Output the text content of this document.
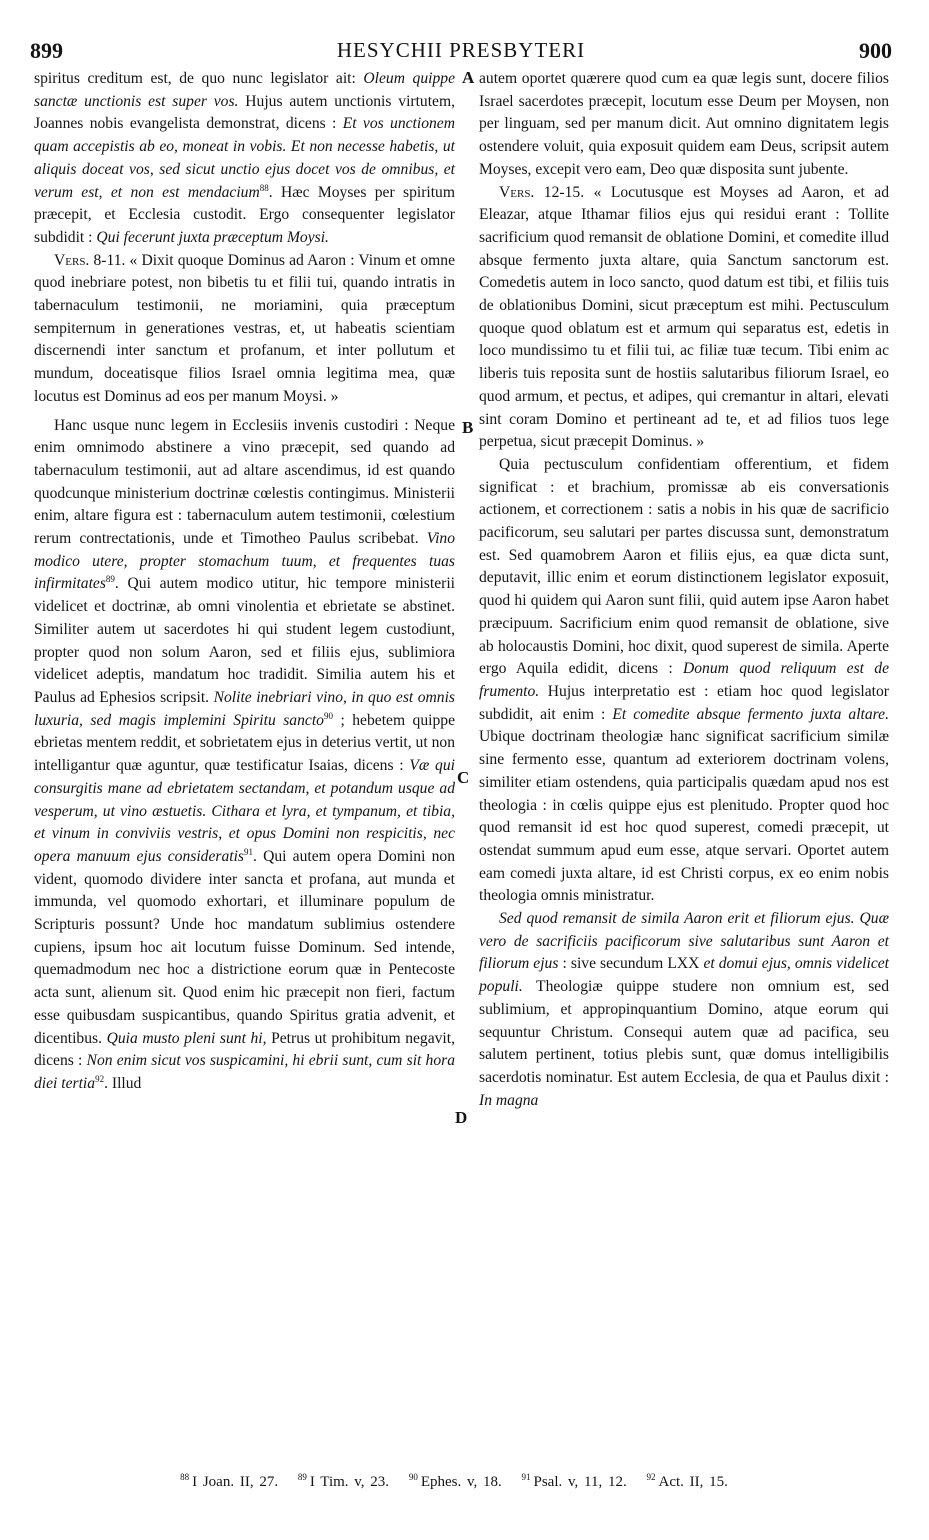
899	HESYCHII PRESBYTERI	900

spiritus creditum est, de quo nunc legislator ait: Oleum quippe sanctæ unctionis est super vos. Hujus autem unctionis virtutem, Joannes nobis evangelista demonstrat, dicens : Et vos unctionem quam accepistis ab eo, moneat in vobis. Et non necesse habetis, ut aliquis doceat vos, sed sicut unctio ejus docet vos de omnibus, et verum est, et non est mendacium$^{88}$. Hæc Moyses per spiritum præcepit, et Ecclesia custodit. Ergo consequenter legislator subdidit : Qui fecerunt juxta præceptum Moysi.

Vers. 8-11. « Dixit quoque Dominus ad Aaron : Vinum et omne quod inebriare potest, non bibetis tu et filii tui, quando intratis in tabernaculum testimonii, ne moriamini, quia præceptum sempiternum in generationes vestras, et, ut habeatis scientiam discernendi inter sanctum et profanum, et inter pollutum et mundum, doceatisque filios Israel omnia legitima mea, quæ locutus est Dominus ad eos per manum Moysi. »

Hanc usque nunc legem in Ecclesiis invenis custodiri : Neque enim omnimodo abstinere a vino præcepit, sed quando ad tabernaculum testimonii, aut ad altare ascendimus, id est quando quodcunque ministerium doctrinæ cœlestis contingimus. Ministerii enim, altare figura est : tabernaculum autem testimonii, cœlestium rerum contrectationis, unde et Timotheo Paulus scribebat. Vino modico utere, propter stomachum tuum, et frequentes tuas infirmitates$^{89}$. Qui autem modico utitur, hic tempore ministerii videlicet et doctrinæ, ab omni vinolentia et ebrietate se abstinet. Similiter autem ut sacerdotes hi qui student legem custodiunt, propter quod non solum Aaron, sed et filiis ejus, sublimiora videlicet adeptis, mandatum hoc tradidit. Similia autem his et Paulus ad Ephesios scripsit. Nolite inebriari vino, in quo est omnis luxuria, sed magis implemini Spiritu sancto$^{90}$ ; hebetem quippe ebrietas mentem reddit, et sobrietatem ejus in deterius vertit, ut non intelligantur quæ aguntur, quæ testificatur Isaias, dicens : Væ qui consurgitis mane ad ebrietatem sectandam, et potandum usque ad vesperum, ut vino æstuetis. Cithara et lyra, et tympanum, et tibia, et vinum in conviviis vestris, et opus Domini non respicitis, nec opera manuum ejus consideratis$^{91}$. Qui autem opera Domini non vident, quomodo dividere inter sancta et profana, aut munda et immunda, vel quomodo exhortari, et illuminare populum de Scripturis possunt? Unde hoc mandatum sublimius ostendere cupiens, ipsum hoc ait locutum fuisse Dominum. Sed intende, quemadmodum nec hoc a districtione eorum quæ in Pentecoste acta sunt, alienum sit. Quod enim hic præcepit non fieri, factum esse quibusdam suspicantibus, quando Spiritus gratia advenit, et dicentibus. Quia musto pleni sunt hi, Petrus ut prohibitum negavit, dicens : Non enim sicut vos suspicamini, hi ebrii sunt, cum sit hora diei tertia$^{92}$. Illud

A
B
C
D

autem oportet quærere quod cum ea quæ legis sunt, docere filios Israel sacerdotes præcepit, locutum esse Deum per Moysen, non per linguam, sed per manum dicit. Aut omnino dignitatem legis ostendere voluit, quia exposuit quidem eam Deus, scripsit autem Moyses, excepit vero eam, Deo quæ disposita sunt jubente.

Vers. 12-15. « Locutusque est Moyses ad Aaron, et ad Eleazar, atque Ithamar filios ejus qui residui erant : Tollite sacrificium quod remansit de oblatione Domini, et comedite illud absque fermento juxta altare, quia Sanctum sanctorum est. Comedetis autem in loco sancto, quod datum est tibi, et filiis tuis de oblationibus Domini, sicut præceptum est mihi. Pectusculum quoque quod oblatum est et armum qui separatus est, edetis in loco mundissimo tu et filii tui, ac filiæ tuæ tecum. Tibi enim ac liberis tuis reposita sunt de hostiis salutaribus filiorum Israel, eo quod armum, et pectus, et adipes, qui cremantur in altari, elevati sint coram Domino et pertineant ad te, et ad filios tuos lege perpetua, sicut præcepit Dominus. »

Quia pectusculum confidentiam offerentium, et fidem significat : et brachium, promissæ ab eis conversationis actionem, et correctionem : satis a nobis in his quæ de sacrificio pacificorum, seu salutari per partes discussa sunt, demonstratum est. Sed quamobrem Aaron et filiis ejus, ea quæ dicta sunt, deputavit, illic enim et eorum distinctionem legislator exposuit, quod hi quidem qui Aaron sunt filii, quid autem ipse Aaron habet præcipuum. Sacrificium enim quod remansit de oblatione, sive ab holocaustis Domini, hoc dixit, quod superest de simila. Aperte ergo Aquila edidit, dicens : Donum quod reliquum est de frumento. Hujus interpretatio est : etiam hoc quod legislator subdidit, ait enim : Et comedite absque fermento juxta altare. Ubique doctrinam theologiæ hanc significat sacrificium similæ sine fermento esse, quantum ad exteriorem doctrinam volens, similiter etiam ostendens, quia participalis quædam apud nos est theologia : in cœlis quippe ejus est plenitudo. Propter quod hoc quod remansit id est hoc quod superest, comedi præcepit, ut ostendat summum apud eum esse, atque servari. Oportet autem eam comedi juxta altare, id est Christi corpus, ex eo enim nobis theologia omnis ministratur.

Sed quod remansit de simila Aaron erit et filiorum ejus. Quæ vero de sacrificiis pacificorum sive salutaribus sunt Aaron et filiorum ejus : sive secundum LXX et domui ejus, omnis videlicet populi. Theologiæ quippe studere non omnium est, sed sublimium, et appropinquantium Domino, atque eorum qui sequuntur Christum. Consequi autem quæ ad pacifica, seu salutem pertinent, totius plebis sunt, quæ domus intelligibilis sacerdotis nominatur. Est autem Ecclesia, de qua et Paulus dixit : In magna

$^{88}$ I Joan. II, 27. $^{89}$ I Tim. v, 23. $^{90}$ Ephes. v, 18. $^{91}$ Psal. v, 11, 12. $^{92}$ Act. II, 15.
